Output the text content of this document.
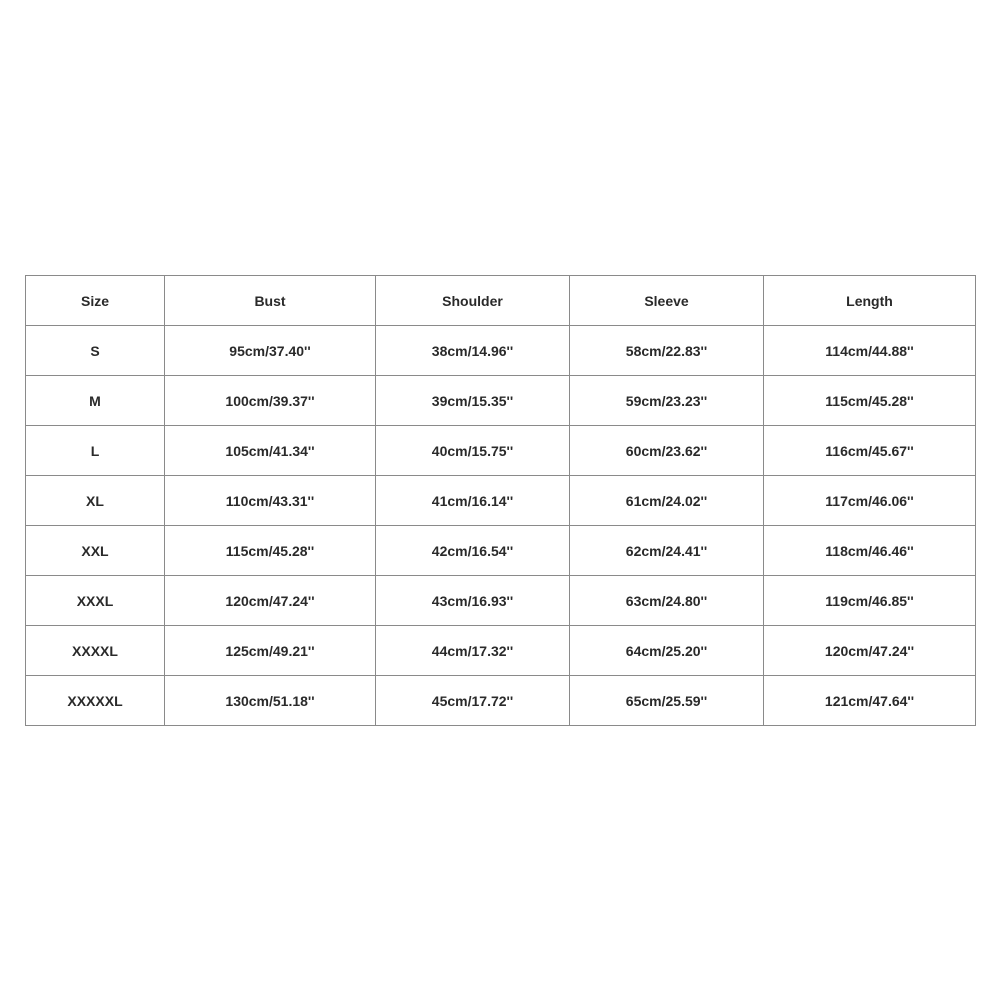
Size	Bust	Shoulder	Sleeve	Length
S	95cm/37.40''	38cm/14.96''	58cm/22.83''	114cm/44.88''
M	100cm/39.37''	39cm/15.35''	59cm/23.23''	115cm/45.28''
L	105cm/41.34''	40cm/15.75''	60cm/23.62''	116cm/45.67''
XL	110cm/43.31''	41cm/16.14''	61cm/24.02''	117cm/46.06''
XXL	115cm/45.28''	42cm/16.54''	62cm/24.41''	118cm/46.46''
XXXL	120cm/47.24''	43cm/16.93''	63cm/24.80''	119cm/46.85''
XXXXL	125cm/49.21''	44cm/17.32''	64cm/25.20''	120cm/47.24''
XXXXXL	130cm/51.18''	45cm/17.72''	65cm/25.59''	121cm/47.64''
